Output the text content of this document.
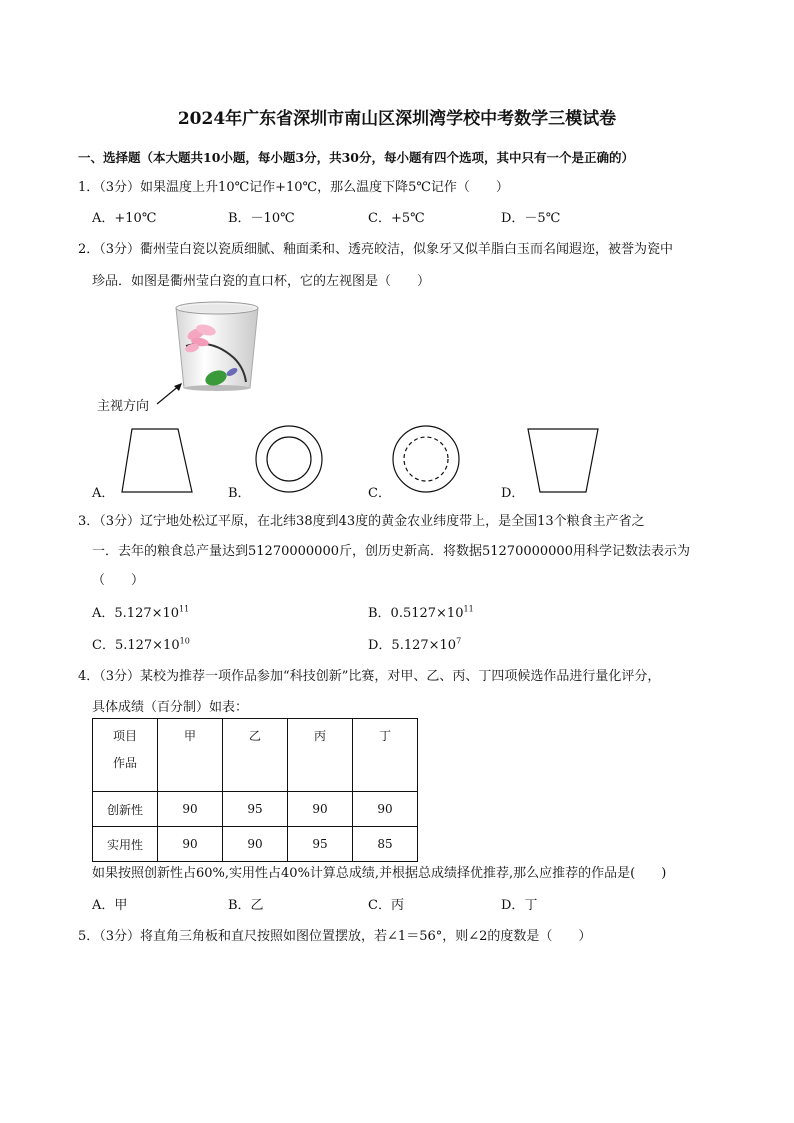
2024年广东省深圳市南山区深圳湾学校中考数学三模试卷
一、选择题（本大题共10小题，每小题3分，共30分，每小题有四个选项，其中只有一个是正确的）
1．（3分）如果温度上升10℃记作+10℃，那么温度下降5℃记作（　　）
A．+10℃	B．－10℃	C．+5℃	D．－5℃
2．（3分）衢州莹白瓷以瓷质细腻、釉面柔和、透亮皎洁，似象牙又似羊脂白玉而名闻遐迩，被誉为瓷中
珍品．如图是衢州莹白瓷的直口杯，它的左视图是（　　）
主视方向
A．	B．	C．	D．
3．（3分）辽宁地处松辽平原，在北纬38度到43度的黄金农业纬度带上，是全国13个粮食主产省之
一．去年的粮食总产量达到51270000000斤，创历史新高．将数据51270000000用科学记数法表示为
（　　）
A．$5.127\times 10^{11}$	B．$0.5127\times 10^{11}$
C．$5.127\times 10^{10}$	D．$5.127\times 10^7$
4．（3分）某校为推荐一项作品参加“科技创新”比赛，对甲、乙、丙、丁四项候选作品进行量化评分，
具体成绩（百分制）如表：
项目
作品	甲	乙	丙	丁

创新性	90	95	90	90
实用性	90	90	95	85
如果按照创新性占60%,实用性占40%计算总成绩,并根据总成绩择优推荐,那么应推荐的作品是(　　)
A．甲	B．乙	C．丙	D．丁
5．（3分）将直角三角板和直尺按照如图位置摆放，若∠1＝56°，则∠2的度数是（　　）
